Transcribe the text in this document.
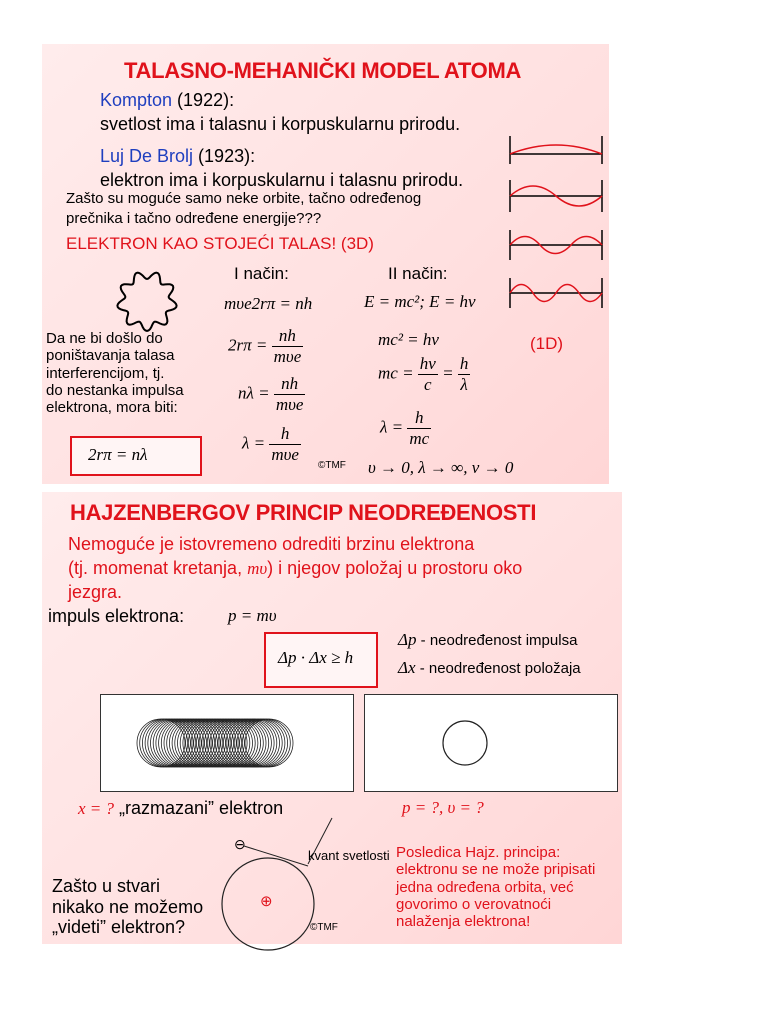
TALASNO-MEHANIČKI MODEL ATOMA
Kompton (1922):
svetlost ima i talasnu i korpuskularnu prirodu.
Luj De Brolj (1923):
elektron ima i korpuskularnu i talasnu prirodu.
Zašto su moguće samo neke orbite, tačno određenog
prečnika i tačno određene energije???
ELEKTRON KAO STOJEĆI TALAS! (3D)
(1D)
I način:	II način:
mυe2rπ = nh
$2r\pi = \frac{nh}{\text{mυe}}$
$n\lambda = \frac{nh}{\text{mυe}}$
$\lambda = \frac{h}{\text{mυe}}$
©TMF
E = mc²; E = hν
mc² = hν
mc = $\frac{h\nu}{c} = \frac{h}{\lambda}$
$\lambda = \frac{h}{mc}$
υ → 0, λ → ∞, ν → 0
Da ne bi došlo do
poništavanja talasa
interferencijom, tj.
do nestanka impulsa
elektrona, mora biti:
2rπ = nλ
HAJZENBERGOV PRINCIP NEODREĐENOSTI
Nemoguće je istovremeno odrediti brzinu elektrona
(tj. momenat kretanja, mυ) i njegov položaj u prostoru oko
jezgra.
impuls elektrona:	p = mυ
Δp · Δx ≥ h
Δp - neodređenost impulsa
Δx - neodređenost položaja
x = ? „razmazani” elektron	p = ?, υ = ?
⊖
⊕
kvant svetlosti
©TMF
Zašto u stvari
nikako ne možemo
„videti” elektron?
Posledica Hajz. principa:
elektronu se ne može pripisati
jedna određena orbita, već
govorimo o verovatnoći
nalaženja elektrona!
